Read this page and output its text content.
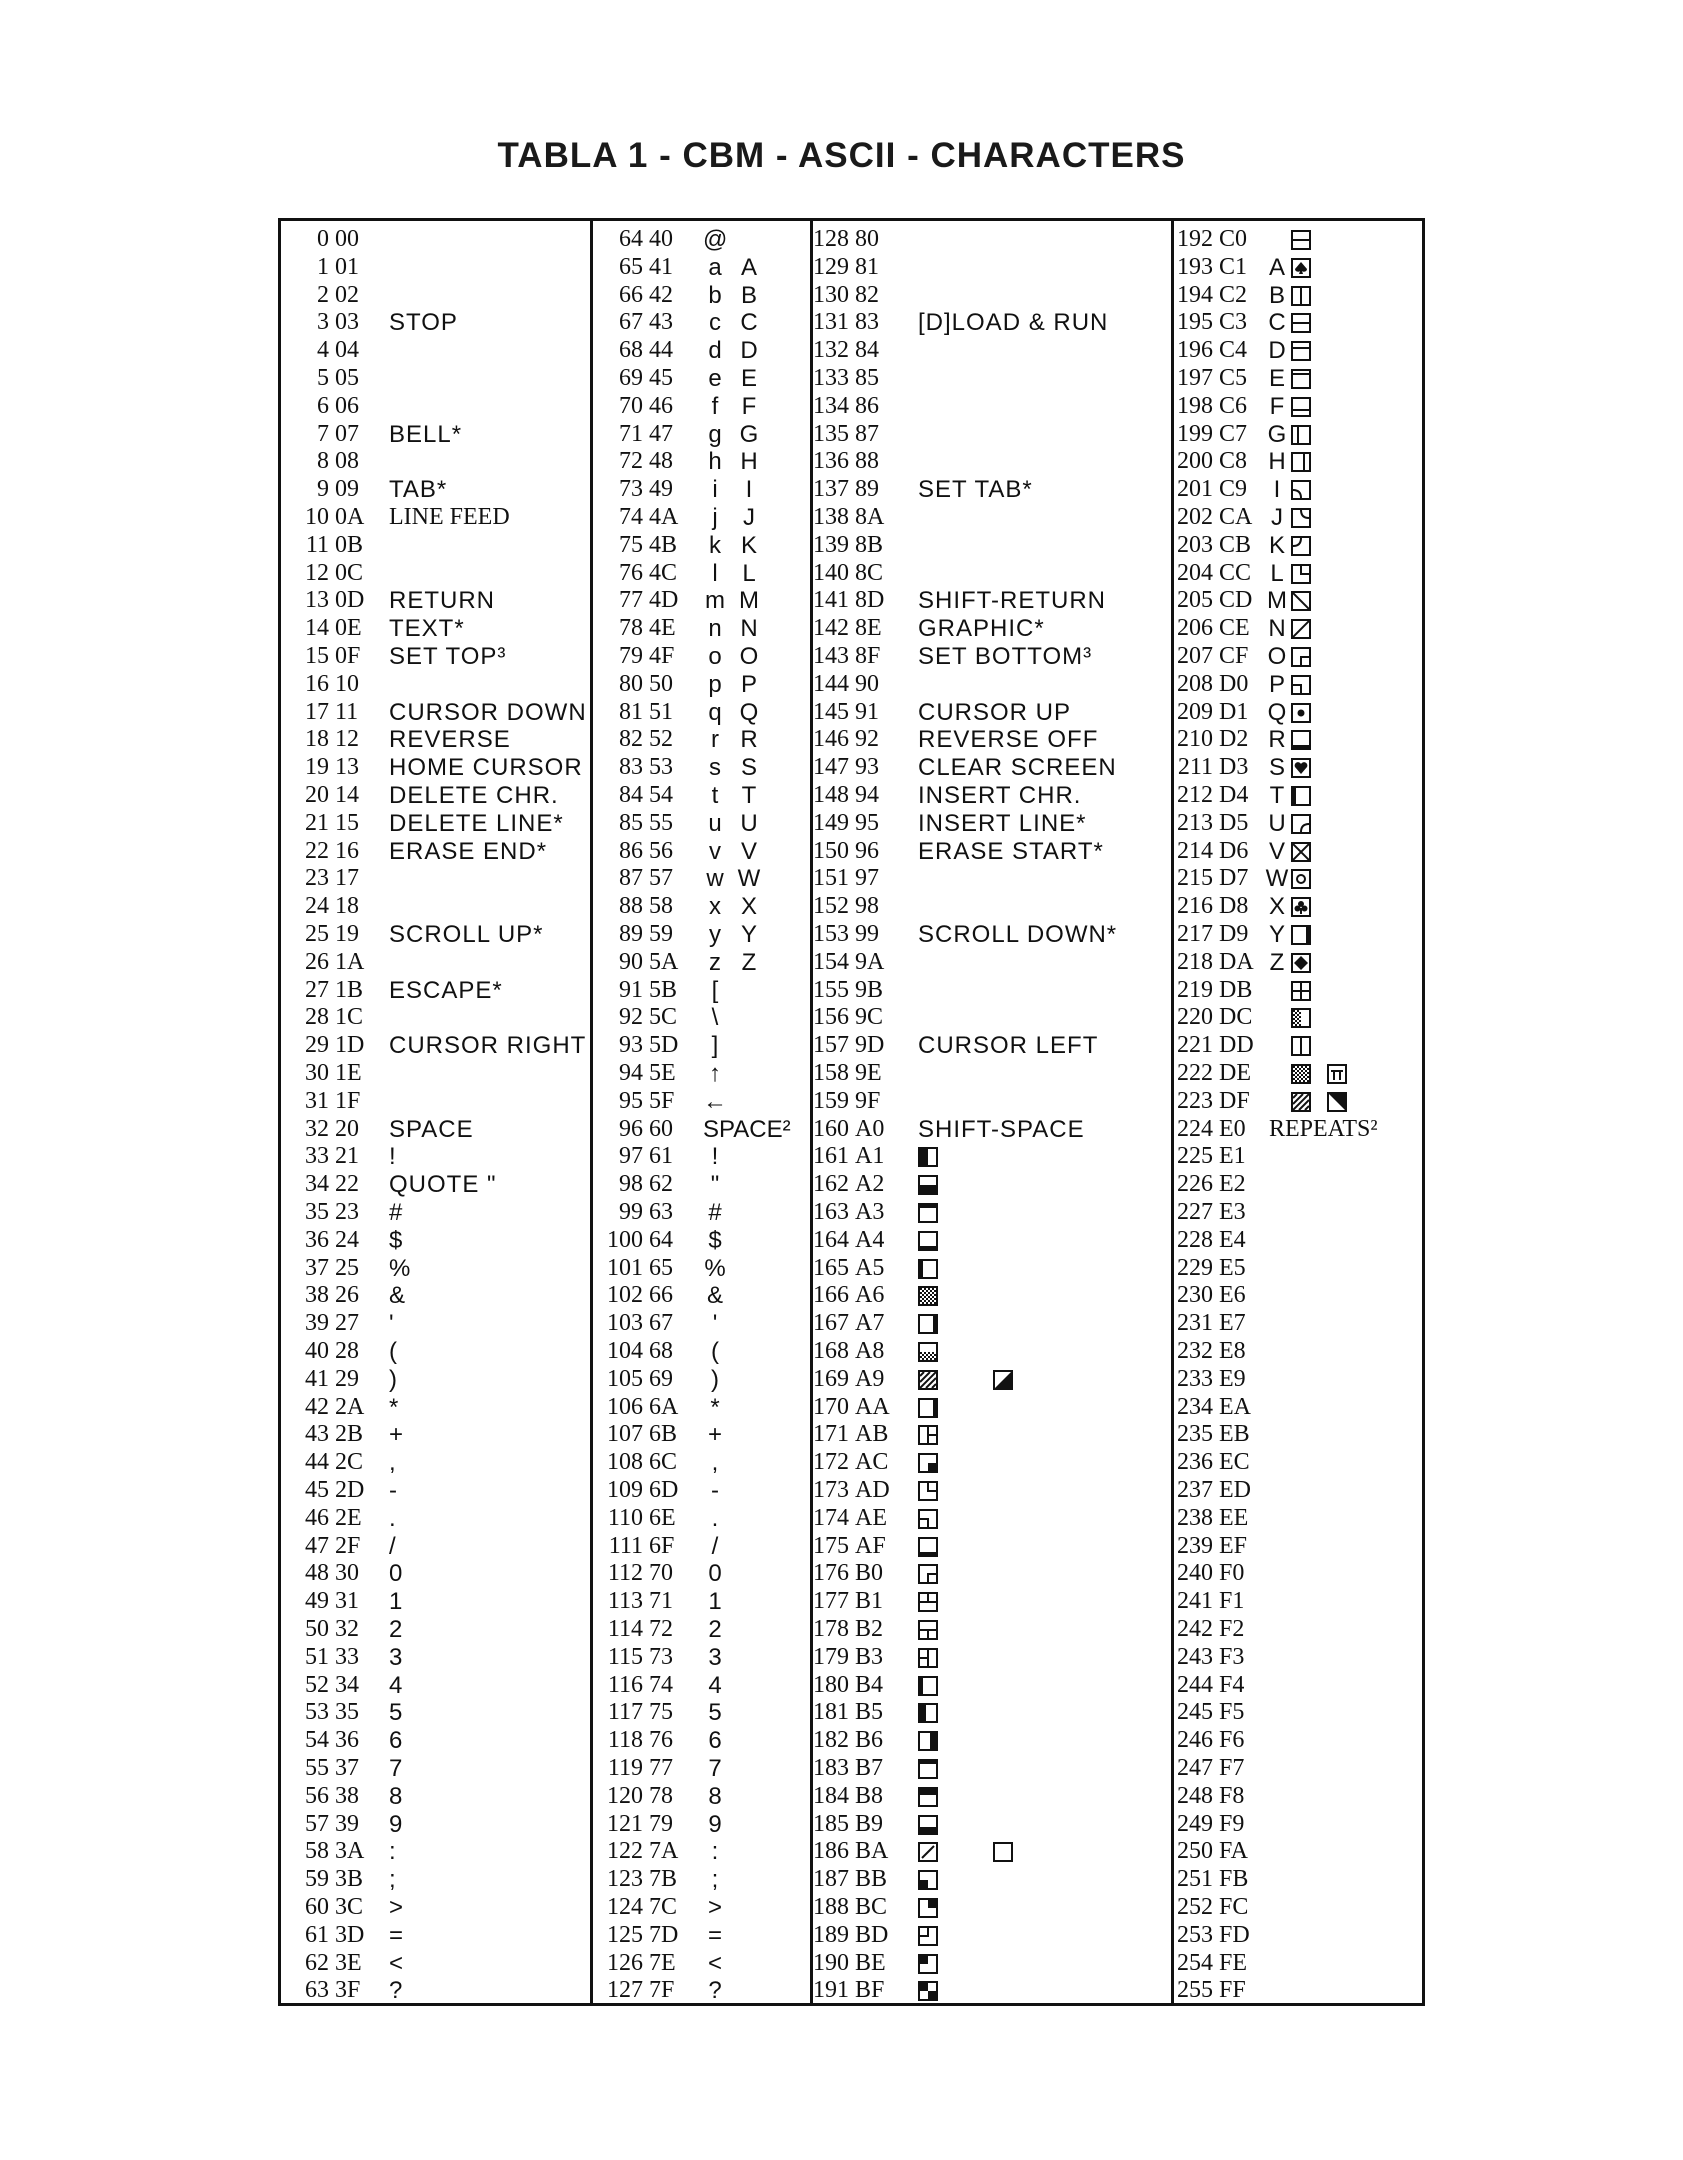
TABLA 1 - CBM - ASCII - CHARACTERS
0 00
1 01
2 02
3 03 STOP
4 04
5 05
6 06
7 07 BELL*
8 08
9 09 TAB*
10 0A LINE FEED
11 0B
12 0C
13 0D RETURN
14 0E TEXT*
15 0F SET TOP³
16 10
17 11 CURSOR DOWN
18 12 REVERSE
19 13 HOME CURSOR
20 14 DELETE CHR.
21 15 DELETE LINE*
22 16 ERASE END*
23 17
24 18
25 19 SCROLL UP*
26 1A
27 1B ESCAPE*
28 1C
29 1D CURSOR RIGHT
30 1E
31 1F
32 20 SPACE
33 21 !
34 22 QUOTE "
35 23 #
36 24 $
37 25 %
38 26 &
39 27 '
40 28 (
41 29 )
42 2A *
43 2B +
44 2C ,
45 2D -
46 2E .
47 2F /
48 30 0
49 31 1
50 32 2
51 33 3
52 34 4
53 35 5
54 36 6
55 37 7
56 38 8
57 39 9
58 3A :
59 3B ;
60 3C >
61 3D =
62 3E <
63 3F ?
64 40 @
65 41 a A
66 42 b B
67 43 c C
68 44 d D
69 45 e E
70 46	f F
71 47 g G
72 48 h H
73 49	i	I
74 4A	j	J
75 4B k K
76 4C	l	L
77 4D m M
78 4E n N
79 4F o O
80 50 p P
81 51 q Q
82 52	r R
83 53 s S
84 54	t T
85 55 u U
86 56 v V
87 57 w W
88 58 x X
89 59 y Y
90 5A z Z
91 5B	[
92 5C	\
93 5D	]
94 5E ↑
95 5F ←
96 60 SPACE²
97 61	!
98 62	"
99 63 #
100 64 $
101 65 %
102 66 &
103 67	'
104 68	(
105 69	)
106 6A	*
107 6B +
108 6C	,
109 6D	-
110 6E	.
111 6F	/
112 70 0
113 71 1
114 72 2
115 73 3
116 74 4
117 75 5
118 76 6
119 77 7
120 78 8
121 79 9
122 7A	:
123 7B	;
124 7C >
125 7D =
126 7E <
127 7F ?
128 80
129 81
130 82
131 83 [D]LOAD & RUN
132 84
133 85
134 86
135 87
136 88
137 89 SET TAB*
138 8A
139 8B
140 8C
141 8D SHIFT-RETURN
142 8E GRAPHIC*
143 8F SET BOTTOM³
144 90
145 91 CURSOR UP
146 92 REVERSE OFF
147 93 CLEAR SCREEN
148 94 INSERT CHR.
149 95 INSERT LINE*
150 96 ERASE START*
151 97
152 98
153 99 SCROLL DOWN*
154 9A
155 9B
156 9C
157 9D CURSOR LEFT
158 9E
159 9F
160 A0 SHIFT-SPACE
161 A1
162 A2
163 A3
164 A4
165 A5
166 A6
167 A7
168 A8
169 A9
170 AA
171 AB
172 AC
173 AD
174 AE
175 AF
176 B0
177 B1
178 B2
179 B3
180 B4
181 B5
182 B6
183 B7
184 B8
185 B9
186 BA
187 BB
188 BC
189 BD
190 BE
191 BF
192 C0
193 C1 A
194 C2 B
195 C3 C
196 C4 D
197 C5 E
198 C6 F
199 C7 G
200 C8 H
201 C9	I
202 CA J
203 CB K
204 CC L
205 CD M
206 CE N
207 CF O
208 D0 P
209 D1 Q
210 D2 R
211 D3 S
212 D4 T
213 D5 U
214 D6 V
215 D7 W
216 D8 X
217 D9 Y
218 DA Z
219 DB
220 DC
221 DD
222 DE
223 DF
224 E0 REPEATS²
225 E1
226 E2
227 E3
228 E4
229 E5
230 E6
231 E7
232 E8
233 E9
234 EA
235 EB
236 EC
237 ED
238 EE
239 EF
240 F0
241 F1
242 F2
243 F3
244 F4
245 F5
246 F6
247 F7
248 F8
249 F9
250 FA
251 FB
252 FC
253 FD
254 FE
255 FF
